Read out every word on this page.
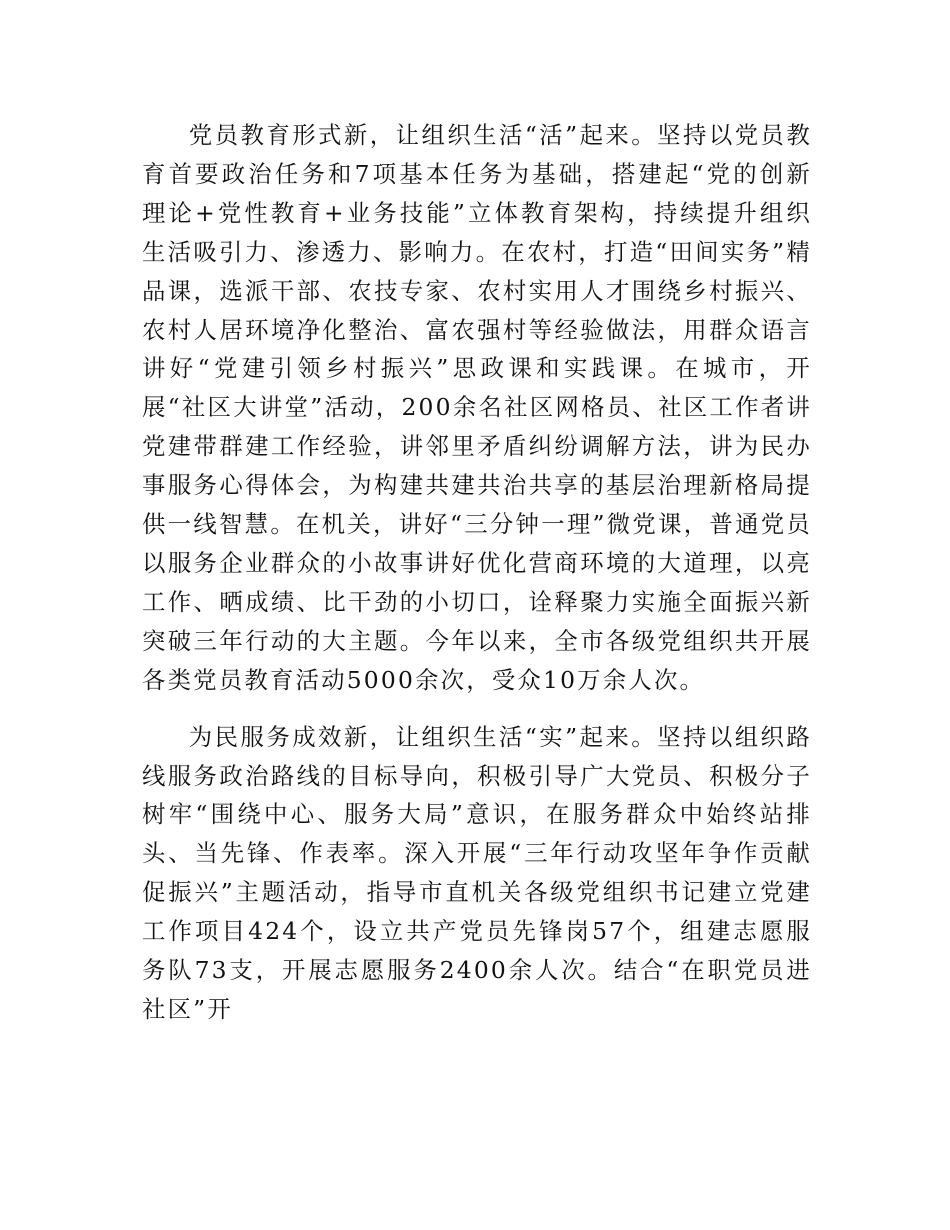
党员教育形式新，让组织生活“活”起来。坚持以党员教育首要政治任务和7项基本任务为基础，搭建起“党的创新理论+党性教育+业务技能”立体教育架构，持续提升组织生活吸引力、渗透力、影响力。在农村，打造“田间实务”精品课，选派干部、农技专家、农村实用人才围绕乡村振兴、农村人居环境净化整治、富农强村等经验做法，用群众语言讲好“党建引领乡村振兴”思政课和实践课。在城市，开展“社区大讲堂”活动，200余名社区网格员、社区工作者讲党建带群建工作经验，讲邻里矛盾纠纷调解方法，讲为民办事服务心得体会，为构建共建共治共享的基层治理新格局提供一线智慧。在机关，讲好“三分钟一理”微党课，普通党员以服务企业群众的小故事讲好优化营商环境的大道理，以亮工作、晒成绩、比干劲的小切口，诠释聚力实施全面振兴新突破三年行动的大主题。今年以来，全市各级党组织共开展各类党员教育活动5000余次，受众10万余人次。

为民服务成效新，让组织生活“实”起来。坚持以组织路线服务政治路线的目标导向，积极引导广大党员、积极分子树牢“围绕中心、服务大局”意识，在服务群众中始终站排头、当先锋、作表率。深入开展“三年行动攻坚年争作贡献促振兴”主题活动，指导市直机关各级党组织书记建立党建工作项目424个，设立共产党员先锋岗57个，组建志愿服务队73支，开展志愿服务2400余人次。结合“在职党员进社区”开
